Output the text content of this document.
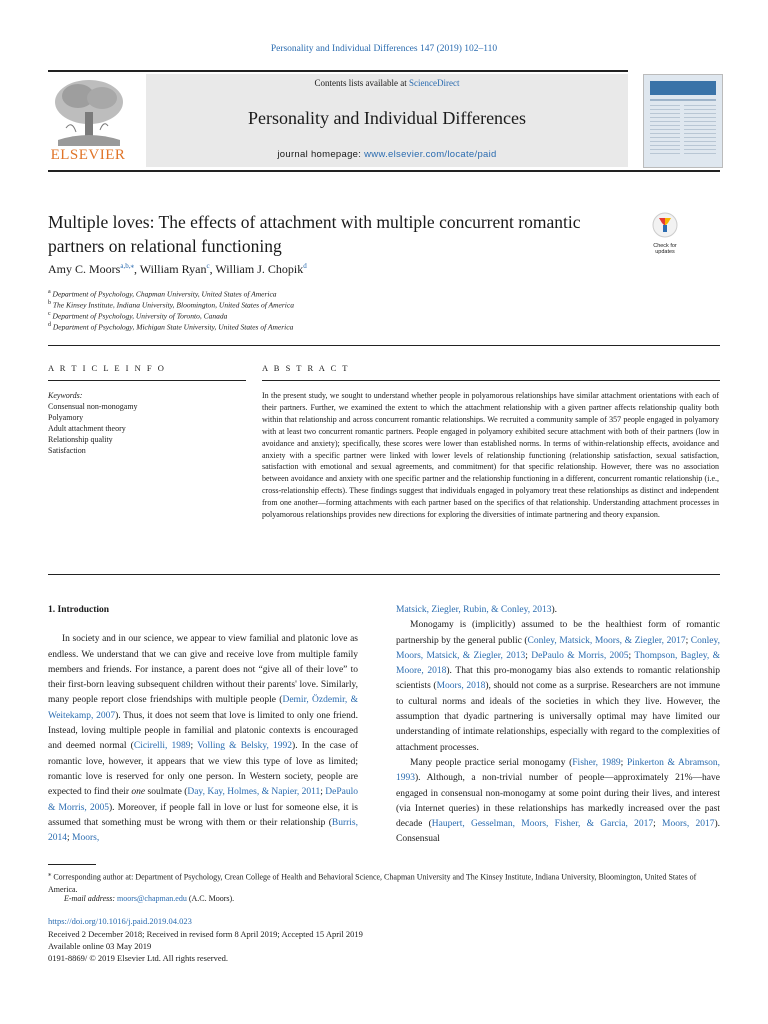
Personality and Individual Differences 147 (2019) 102–110
ELSEVIER
Contents lists available at ScienceDirect
Personality and Individual Differences
journal homepage: www.elsevier.com/locate/paid
Multiple loves: The effects of attachment with multiple concurrent romantic partners on relational functioning	Check for
updates
Amy C. Moors$^{a,b,⁎}$, William Ryan$^c$, William J. Chopik$^d$
$^a$ Department of Psychology, Chapman University, United States of America
$^b$ The Kinsey Institute, Indiana University, Bloomington, United States of America
$^c$ Department of Psychology, University of Toronto, Canada
$^d$ Department of Psychology, Michigan State University, United States of America
A R T I C L E I N F O
Keywords:
Consensual non-monogamy
Polyamory
Adult attachment theory
Relationship quality
Satisfaction
A B S T R A C T
In the present study, we sought to understand whether people in polyamorous relationships have similar attachment orientations with each of their partners. Further, we examined the extent to which the attachment relationship with a given partner affects relationship quality both within that relationship and across concurrent romantic relationships. We recruited a community sample of 357 people engaged in polyamory with at least two concurrent romantic partners. People engaged in polyamory exhibited secure attachment with both of their partners (low in avoidance and anxiety); specifically, these scores were lower than established norms. In terms of within-relationship effects, avoidance and anxiety with a specific partner were linked with lower levels of relationship functioning (relationship satisfaction, sexual satisfaction, satisfaction with emotional and sexual agreements, and commitment) for that specific relationship. However, there was no association between avoidance and anxiety with one specific partner and the relationship functioning in a different, concurrent romantic relationship (i.e., cross-relationship effects). These findings suggest that individuals engaged in polyamory treat these relationships as distinct and independent from one another—forming attachments with each partner based on the specifics of that relationship. Understanding attachment processes in polyamorous relationships provides new directions for exploring the diversities of intimate partnering and theory expansion.

1. Introduction

In society and in our science, we appear to view familial and platonic love as endless. We understand that we can give and receive love from multiple family members and friends. For instance, a parent does not “give all of their love” to their first-born leaving subsequent children without their parents' love. Similarly, many people report close friendships with multiple people (Demir, Özdemir, & Weitekamp, 2007). Thus, it does not seem that love is limited to only one friend. Instead, loving multiple people in familial and platonic contexts is encouraged and deemed normal (Cicirelli, 1989; Volling & Belsky, 1992). In the case of romantic love, however, it appears that we view this type of love as limited; romantic love is reserved for only one person. In Western society, people are expected to find their one soulmate (Day, Kay, Holmes, & Napier, 2011; DePaulo & Morris, 2005). Moreover, if people fall in love or lust for someone else, it is assumed that something must be wrong with them or their relationship (Burris, 2014; Moors,

Matsick, Ziegler, Rubin, & Conley, 2013).

Monogamy is (implicitly) assumed to be the healthiest form of romantic partnership by the general public (Conley, Matsick, Moors, & Ziegler, 2017; Conley, Moors, Matsick, & Ziegler, 2013; DePaulo & Morris, 2005; Thompson, Bagley, & Moore, 2018). That this pro-monogamy bias also extends to romantic relationship scientists (Moors, 2018), should not come as a surprise. Researchers are not immune to cultural norms and ideals of the societies in which they live. However, the assumption that dyadic partnering is universally optimal may have limited our understanding of intimate relationships, especially with regard to the complexities of attachment processes.

Many people practice serial monogamy (Fisher, 1989; Pinkerton & Abramson, 1993). Although, a non-trivial number of people—approximately 21%—have engaged in consensual non-monogamy at some point during their lives, and interest (via Internet queries) in these relationships has markedly increased over the past decade (Haupert, Gesselman, Moors, Fisher, & Garcia, 2017; Moors, 2017). Consensual

⁎ Corresponding author at: Department of Psychology, Crean College of Health and Behavioral Science, Chapman University and The Kinsey Institute, Indiana University, Bloomington, United States of America.
E-mail address: moors@chapman.edu (A.C. Moors).
https://doi.org/10.1016/j.paid.2019.04.023
Received 2 December 2018; Received in revised form 8 April 2019; Accepted 15 April 2019
Available online 03 May 2019
0191-8869/ © 2019 Elsevier Ltd. All rights reserved.
